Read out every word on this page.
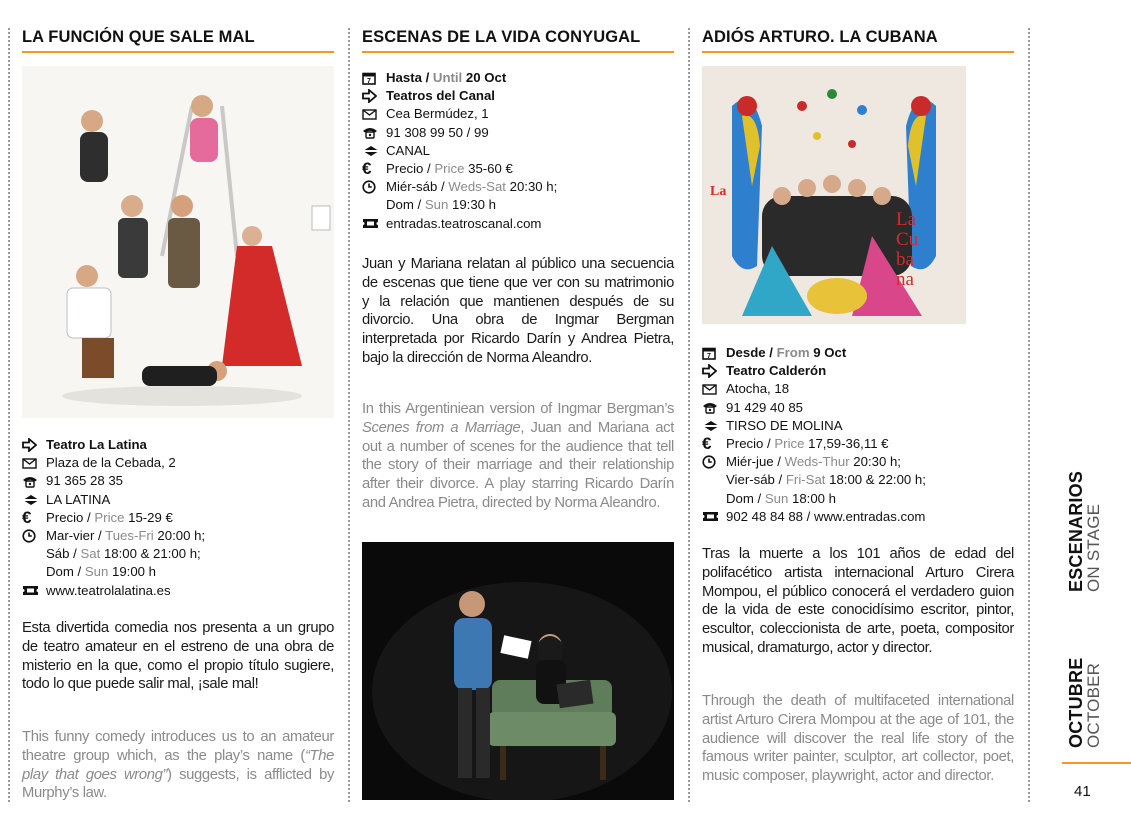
LA FUNCIÓN QUE SALE MAL
Teatro La Latina
Plaza de la Cebada, 2
91 365 28 35
LA LATINA
€	Precio / Price 15-29 €
Mar-vier / Tues-Fri 20:00 h;
Sáb / Sat 18:00 & 21:00 h;
Dom / Sun 19:00 h
www.teatrolalatina.es
Esta divertida comedia nos presenta a un grupo de teatro amateur en el estreno de una obra de misterio en la que, como el propio título sugiere, todo lo que puede salir mal, ¡sale mal!
This funny comedy introduces us to an amateur theatre group which, as the play’s name (“The play that goes wrong”) suggests, is afflicted by Murphy’s law.
ESCENAS DE LA VIDA CONYUGAL
7 Hasta / Until 20 Oct
Teatros del Canal
Cea Bermúdez, 1
91 308 99 50 / 99
CANAL
€	Precio / Price 35-60 €
Miér-sáb / Weds-Sat 20:30 h;
Dom / Sun 19:30 h
entradas.teatroscanal.com
Juan y Mariana relatan al público una secuencia de escenas que tiene que ver con su matrimonio y la relación que mantienen después de su divorcio. Una obra de Ingmar Bergman interpretada por Ricardo Darín y Andrea Pietra, bajo la dirección de Norma Aleandro.
In this Argentiniean version of Ingmar Bergman’s Scenes from a Marriage, Juan and Mariana act out a number of scenes for the audience that tell the story of their marriage and their relationship after their divorce. A play starring Ricardo Darín and Andrea Pietra, directed by Norma Aleandro.
ADIÓS ARTURO. LA CUBANA
La
La
Cu
ba
na
7 Desde / From 9 Oct
Teatro Calderón
Atocha, 18
91 429 40 85
TIRSO DE MOLINA
€	Precio / Price 17,59-36,11 €
Miér-jue / Weds-Thur 20:30 h;
Vier-sáb / Fri-Sat 18:00 & 22:00 h;
Dom / Sun 18:00 h
902 48 84 88 / www.entradas.com
Tras la muerte a los 101 años de edad del polifacético artista internacional Arturo Cirera Mompou, el público conocerá el verdadero guion de la vida de este conocidísimo escritor, pintor, escultor, coleccionista de arte, poeta, compositor musical, dramaturgo, actor y director.
Through the death of multifaceted international artist Arturo Cirera Mompou at the age of 101, the audience will discover the real life story of the famous writer painter, sculptor, art collector, poet, music composer, playwright, actor and director.
ESCENARIOS
ON STAGE
OCTUBRE
OCTOBER
41
